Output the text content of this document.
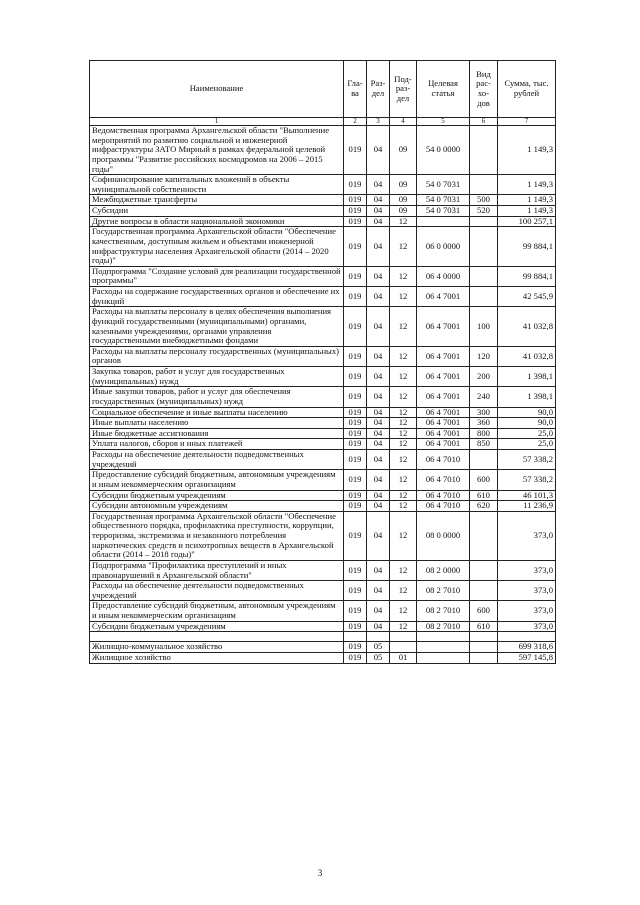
Наименование	Гла- ва	Раз- дел	Под- раз- дел	Целевая статья	Вид рас- хо- дов	Сумма, тыс. рублей
1	2	3	4	5	6	7
Ведомственная программа Архангельской области "Выполнение мероприятий по развитию социальной и инженерной инфраструктуры ЗАТО Мирный в рамках федеральной целевой программы "Развитие российских космодромов на 2006 – 2015 годы"	019	04	09	54 0 0000		1 149,3
Софинансирование капитальных вложений в объекты муниципальной собственности	019	04	09	54 0 7031		1 149,3
Межбюджетные трансферты	019	04	09	54 0 7031	500	1 149,3
Субсидии	019	04	09	54 0 7031	520	1 149,3
Другие вопросы в области национальной экономики	019	04	12			100 257,1
Государственная программа Архангельской области "Обеспечение качественным, доступным жильем и объектами инженерной инфраструктуры населения Архангельской области (2014 – 2020 годы)"	019	04	12	06 0 0000		99 884,1
Подпрограмма "Создание условий для реализации государственной программы"	019	04	12	06 4 0000		99 884,1
Расходы на содержание государственных органов и обеспечение их функций	019	04	12	06 4 7001		42 545,9
Расходы на выплаты персоналу в целях обеспечения выполнения функций государственными (муниципальными) органами, казенными учреждениями, органами управления государственными внебюджетными фондами	019	04	12	06 4 7001	100	41 032,8
Расходы на выплаты персоналу государственных (муниципальных) органов	019	04	12	06 4 7001	120	41 032,8
Закупка товаров, работ и услуг для государственных (муниципальных) нужд	019	04	12	06 4 7001	200	1 398,1
Иные закупки товаров, работ и услуг для обеспечения государственных (муниципальных) нужд	019	04	12	06 4 7001	240	1 398,1
Социальное обеспечение и иные выплаты населению	019	04	12	06 4 7001	300	90,0
Иные выплаты населению	019	04	12	06 4 7001	360	90,0
Иные бюджетные ассигнования	019	04	12	06 4 7001	800	25,0
Уплата налогов, сборов и иных платежей	019	04	12	06 4 7001	850	25,0
Расходы на обеспечение деятельности подведомственных учреждений	019	04	12	06 4 7010		57 338,2
Предоставление субсидий бюджетным, автономным учреждениям и иным некоммерческим организациям	019	04	12	06 4 7010	600	57 338,2
Субсидии бюджетным учреждениям	019	04	12	06 4 7010	610	46 101,3
Субсидии автономным учреждениям	019	04	12	06 4 7010	620	11 236,9
Государственная программа Архангельской области "Обеспечение общественного порядка, профилактика преступности, коррупции, терроризма, экстремизма и незаконного потребления наркотических средств и психотропных веществ в Архангельской области (2014 – 2018 годы)"	019	04	12	08 0 0000		373,0
Подпрограмма "Профилактика преступлений и иных правонарушений в Архангельской области"	019	04	12	08 2 0000		373,0
Расходы на обеспечение деятельности подведомственных учреждений	019	04	12	08 2 7010		373,0
Предоставление субсидий бюджетным, автономным учреждениям и иным некоммерческим организациям	019	04	12	08 2 7010	600	373,0
Субсидии бюджетным учреждениям	019	04	12	08 2 7010	610	373,0

Жилищно-коммунальное хозяйство	019	05				699 318,6
Жилищное хозяйство	019	05	01			597 145,8
3
